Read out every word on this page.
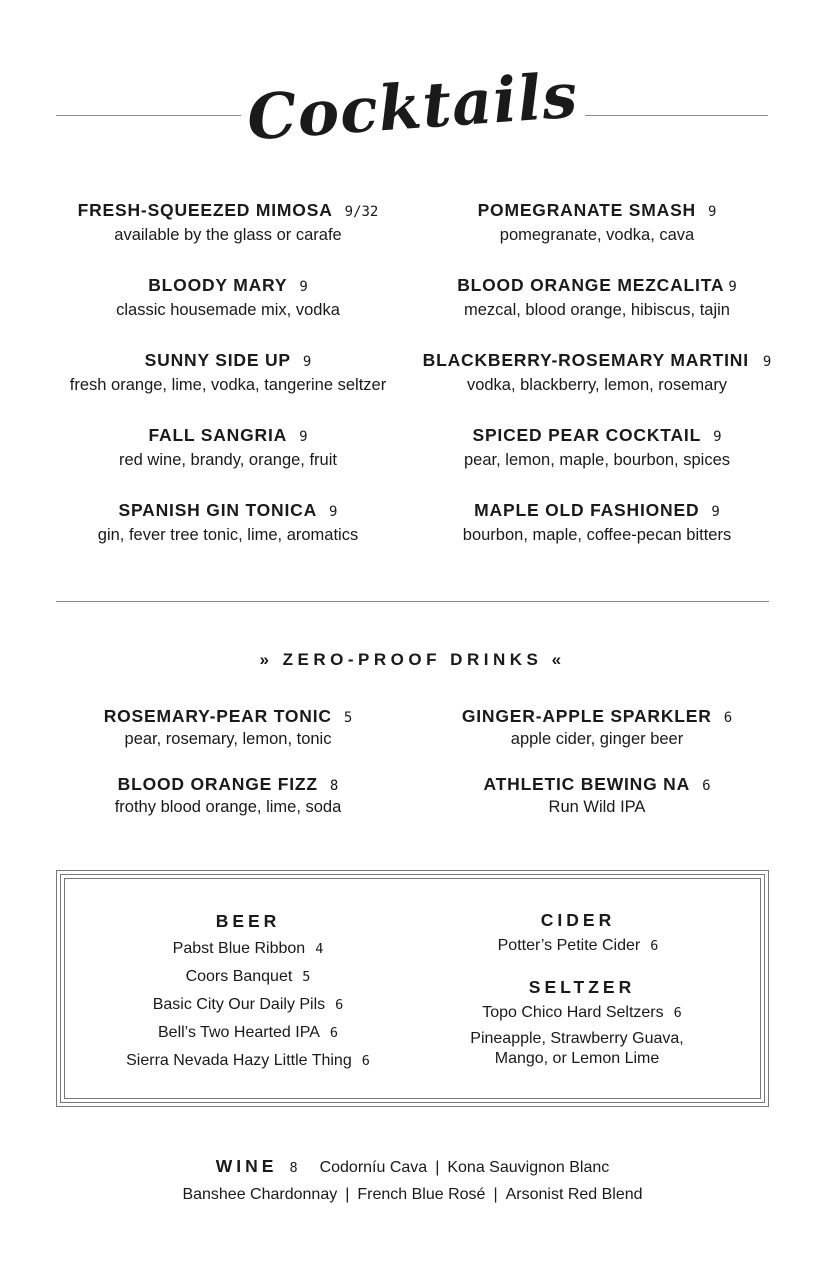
Cocktails
FRESH-SQUEEZED MIMOSA 9/32
available by the glass or carafe
BLOODY MARY 9
classic housemade mix, vodka
SUNNY SIDE UP 9
fresh orange, lime, vodka, tangerine seltzer
FALL SANGRIA 9
red wine, brandy, orange, fruit
SPANISH GIN TONICA 9
gin, fever tree tonic, lime, aromatics
POMEGRANATE SMASH 9
pomegranate, vodka, cava
BLOOD ORANGE MEZCALITA 9
mezcal, blood orange, hibiscus, tajin
BLACKBERRY-ROSEMARY MARTINI 9
vodka, blackberry, lemon, rosemary
SPICED PEAR COCKTAIL 9
pear, lemon, maple, bourbon, spices
MAPLE OLD FASHIONED 9
bourbon, maple, coffee-pecan bitters
» ZERO-PROOF DRINKS «
ROSEMARY-PEAR TONIC 5
pear, rosemary, lemon, tonic
BLOOD ORANGE FIZZ 8
frothy blood orange, lime, soda
GINGER-APPLE SPARKLER 6
apple cider, ginger beer
ATHLETIC BEWING NA 6
Run Wild IPA
BEER
Pabst Blue Ribbon 4
Coors Banquet 5
Basic City Our Daily Pils 6
Bell’s Two Hearted IPA 6
Sierra Nevada Hazy Little Thing 6
CIDER
Potter’s Petite Cider 6
SELTZER
Topo Chico Hard Seltzers 6
Pineapple, Strawberry Guava,
Mango, or Lemon Lime
WINE 8 Codorníu Cava | Kona Sauvignon Blanc
Banshee Chardonnay | French Blue Rosé | Arsonist Red Blend
